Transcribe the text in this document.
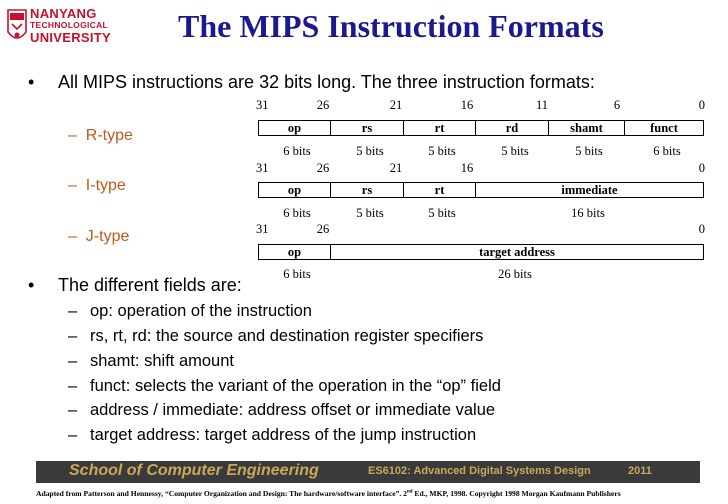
NANYANG
TECHNOLOGICAL
UNIVERSITY The MIPS Instruction Formats
• All MIPS instructions are 32 bits long. The three instruction formats:
– R-type
– I-type
– J-type
31	26	21	16	11	6	0
op	rs	rt	rd	shamt	funct
6 bits	5 bits	5 bits	5 bits	5 bits	6 bits
31	26	21	16	0
op	rs	rt	immediate
6 bits	5 bits	5 bits	16 bits
31	26	0
op	target address
6 bits	26 bits
• The different fields are:
– op: operation of the instruction
– rs, rt, rd: the source and destination register specifiers
– shamt: shift amount
– funct: selects the variant of the operation in the “op” field
– address / immediate: address offset or immediate value
– target address: target address of the jump instruction
School of Computer Engineering	ES6102: Advanced Digital Systems Design	2011
Adapted from Patterson and Hennessy, “Computer Organization and Design: The hardware/software interface”. 2nd Ed., MKP, 1998. Copyright 1998 Morgan Kaufmann Publishers
